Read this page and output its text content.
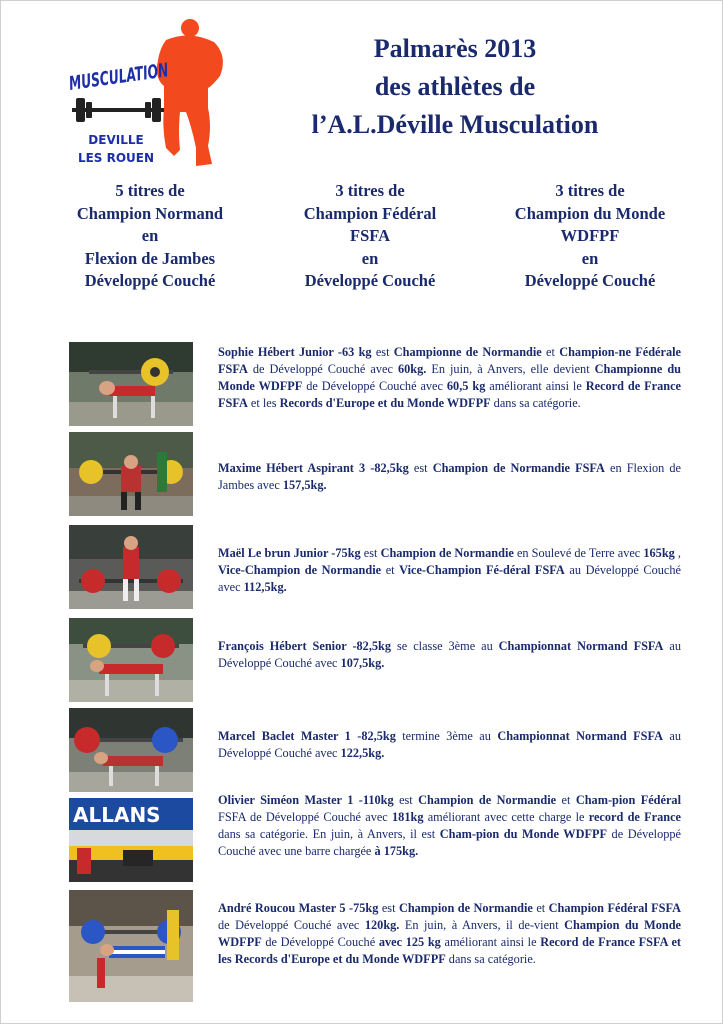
MUSCULATION
DEVILLE
LES ROUEN
Palmarès 2013
des athlètes de
l’A.L.Déville Musculation
5 titres de
Champion Normand
en
Flexion de Jambes
Développé Couché
3 titres de
Champion Fédéral
FSFA
en
Développé Couché
3 titres de
Champion du Monde
WDFPF
en
Développé Couché
Sophie Hébert Junior -63 kg est Championne de Normandie et Champion-ne Fédérale FSFA de Développé Couché avec 60kg. En juin, à Anvers, elle devient Championne du Monde WDFPF de Développé Couché avec 60,5 kg améliorant ainsi le Record de France FSFA et les Records d'Europe et du Monde WDFPF dans sa catégorie.
Maxime Hébert Aspirant 3 -82,5kg est Champion de Normandie FSFA en Flexion de Jambes avec 157,5kg.
Maël Le brun Junior -75kg est Champion de Normandie en Soulevé de Terre avec 165kg , Vice-Champion de Normandie et Vice-Champion Fé-déral FSFA au Développé Couché avec 112,5kg.
François Hébert Senior -82,5kg se classe 3ème au Championnat Normand FSFA au Développé Couché avec 107,5kg.
Marcel Baclet Master 1 -82,5kg termine 3ème au Championnat Normand FSFA au Développé Couché avec 122,5kg.
ALLANS
Olivier Siméon Master 1 -110kg est Champion de Normandie et Cham-pion Fédéral FSFA de Développé Couché avec 181kg améliorant avec cette charge le record de France dans sa catégorie. En juin, à Anvers, il est Cham-pion du Monde WDFPF de Développé Couché avec une barre chargée à 175kg.
André Roucou Master 5 -75kg est Champion de Normandie et Champion Fédéral FSFA de Développé Couché avec 120kg. En juin, à Anvers, il de-vient Champion du Monde WDFPF de Développé Couché avec 125 kg améliorant ainsi le Record de France FSFA et les Records d'Europe et du Monde WDFPF dans sa catégorie.
